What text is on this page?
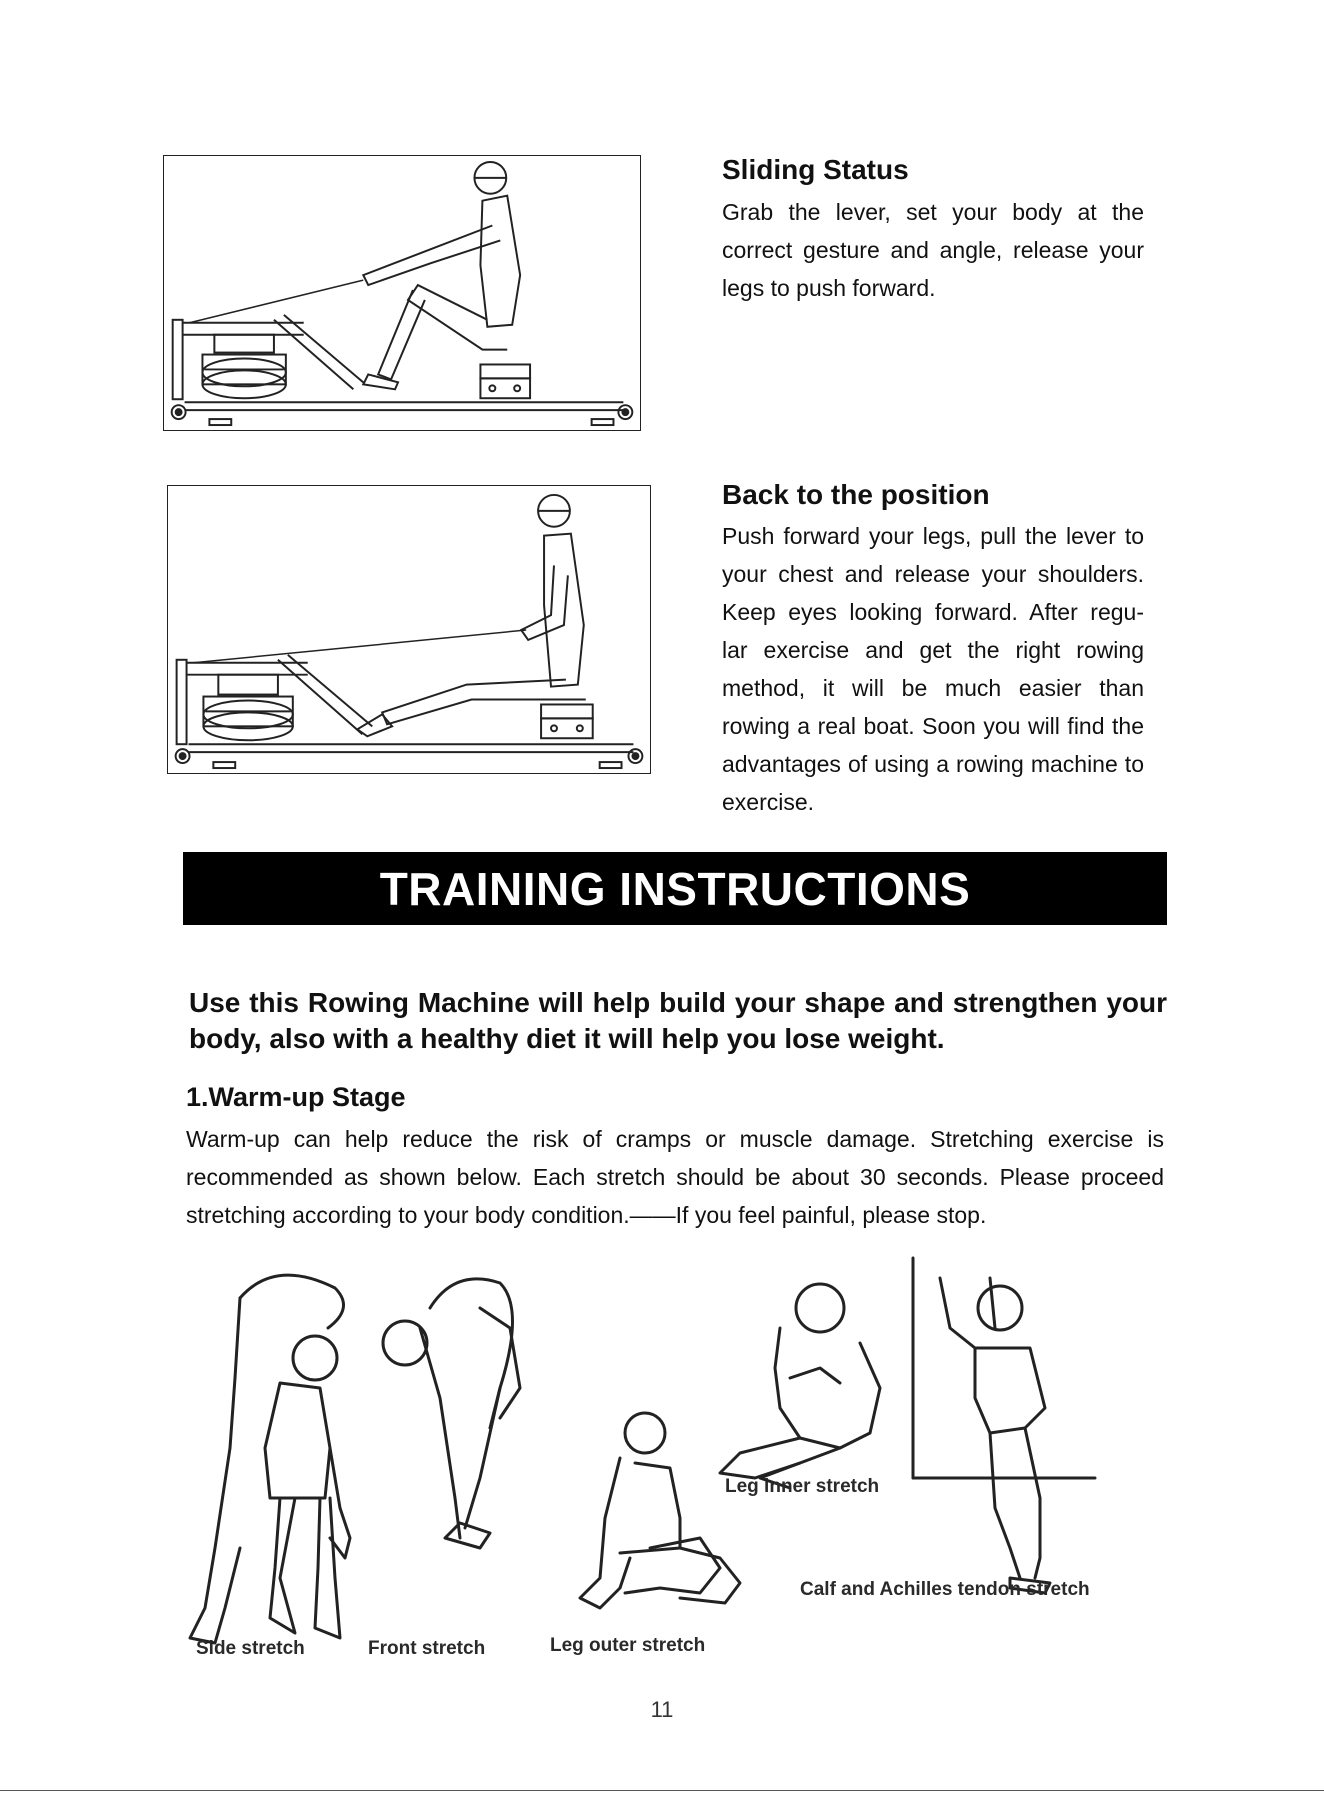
Sliding Status

Grab the lever, set your body at the correct gesture and angle, release your legs to push forward.

Back to the position

Push forward your legs, pull the lever to your chest and release your shoulders. Keep eyes looking forward. After regu- lar exercise and get the right rowing method, it will be much easier than rowing a real boat. Soon you will find the advantages of using a rowing machine to exercise.

TRAINING INSTRUCTIONS

Use this Rowing Machine will help build your shape and strengthen your body, also with a healthy diet it will help you lose weight.

1.Warm-up Stage

Warm-up can help reduce the risk of cramps or muscle damage. Stretching exercise is recommended as shown below. Each stretch should be about 30 seconds. Please proceed stretching according to your body condition.——If you feel painful, please stop.

Side stretch	Front stretch	Leg outer stretch
Leg inner stretch
Calf and Achilles tendon stretch
11
